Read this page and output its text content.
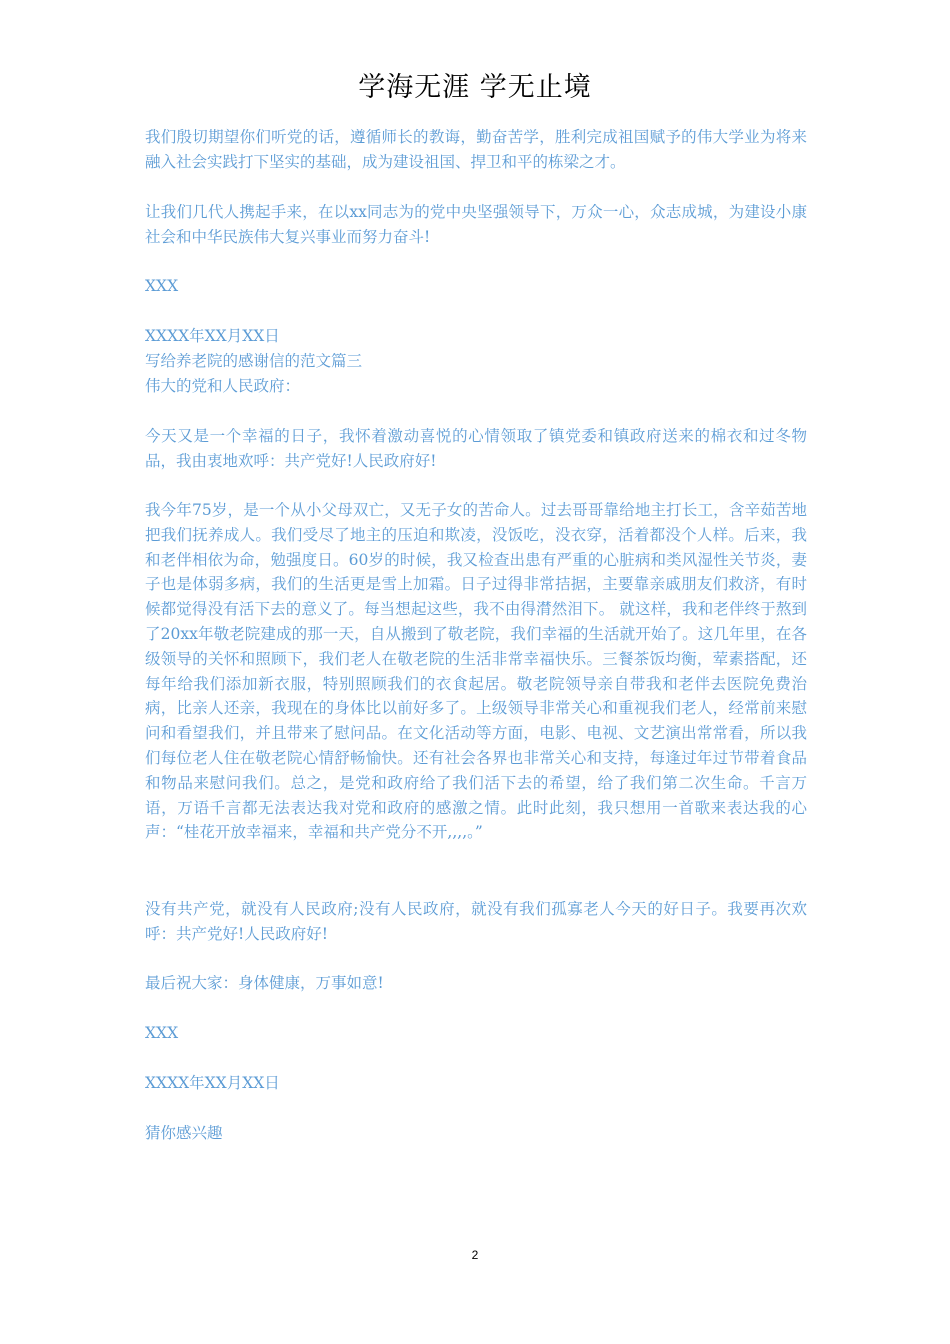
学海无涯 学无止境
我们殷切期望你们听党的话，遵循师长的教诲，勤奋苦学，胜利完成祖国赋予的伟大学业为将来融入社会实践打下坚实的基础，成为建设祖国、捍卫和平的栋梁之才。
让我们几代人携起手来，在以xx同志为的党中央坚强领导下，万众一心，众志成城，为建设小康社会和中华民族伟大复兴事业而努力奋斗!
XXX
XXXX年XX月XX日
写给养老院的感谢信的范文篇三
伟大的党和人民政府：
今天又是一个幸福的日子，我怀着激动喜悦的心情领取了镇党委和镇政府送来的棉衣和过冬物品，我由衷地欢呼：共产党好!人民政府好!
我今年75岁，是一个从小父母双亡，又无子女的苦命人。过去哥哥靠给地主打长工，含辛茹苦地把我们抚养成人。我们受尽了地主的压迫和欺凌，没饭吃，没衣穿，活着都没个人样。后来，我和老伴相依为命，勉强度日。60岁的时候，我又检查出患有严重的心脏病和类风湿性关节炎，妻子也是体弱多病，我们的生活更是雪上加霜。日子过得非常拮据，主要靠亲戚朋友们救济，有时候都觉得没有活下去的意义了。每当想起这些，我不由得潸然泪下。 就这样，我和老伴终于熬到了20xx年敬老院建成的那一天，自从搬到了敬老院，我们幸福的生活就开始了。这几年里，在各级领导的关怀和照顾下，我们老人在敬老院的生活非常幸福快乐。三餐茶饭均衡，荤素搭配，还每年给我们添加新衣服，特别照顾我们的衣食起居。敬老院领导亲自带我和老伴去医院免费治病，比亲人还亲，我现在的身体比以前好多了。上级领导非常关心和重视我们老人，经常前来慰问和看望我们，并且带来了慰问品。在文化活动等方面，电影、电视、文艺演出常常看，所以我们每位老人住在敬老院心情舒畅愉快。还有社会各界也非常关心和支持，每逢过年过节带着食品和物品来慰问我们。总之，是党和政府给了我们活下去的希望，给了我们第二次生命。千言万语，万语千言都无法表达我对党和政府的感激之情。此时此刻，我只想用一首歌来表达我的心声：“桂花开放幸福来，幸福和共产党分不开,,,,。”
没有共产党，就没有人民政府;没有人民政府，就没有我们孤寡老人今天的好日子。我要再次欢呼：共产党好!人民政府好!
最后祝大家：身体健康，万事如意!
XXX
XXXX年XX月XX日
猜你感兴趣
2
